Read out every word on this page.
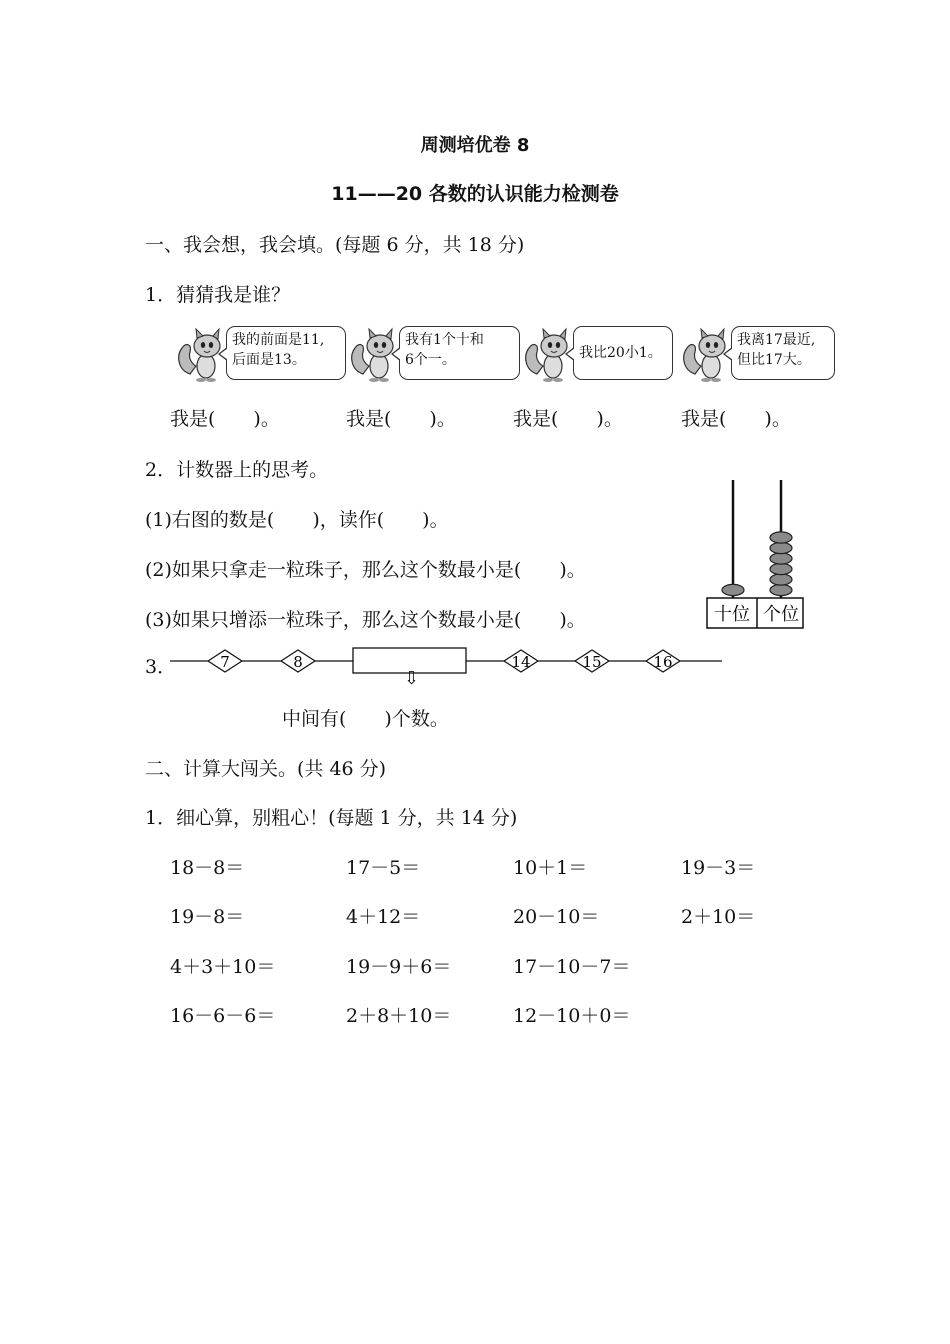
周测培优卷 8
11——20 各数的认识能力检测卷
一、我会想，我会填。(每题 6 分，共 18 分)
1．猜猜我是谁？
我的前面是11,
后面是13。
我有1个十和
6个一。	我比20小1。
我离17最近,
但比17大。
我是(　　)。	我是(　　)。	我是(　　)。	我是(　　)。
2．计数器上的思考。
(1)右图的数是(　　)，读作(　　)。
(2)如果只拿走一粒珠子，那么这个数最小是(　　)。
(3)如果只增添一粒珠子，那么这个数最小是(　　)。	十位 个位
3．	7	8	14	15	16
⇩
中间有(　　)个数。
二、计算大闯关。(共 46 分)
1．细心算，别粗心！(每题 1 分，共 14 分)
18－8＝	17－5＝	10＋1＝	19－3＝
19－8＝	4＋12＝	20－10＝	2＋10＝
4＋3＋10＝	19－9＋6＝	17－10－7＝
16－6－6＝	2＋8＋10＝	12－10＋0＝
